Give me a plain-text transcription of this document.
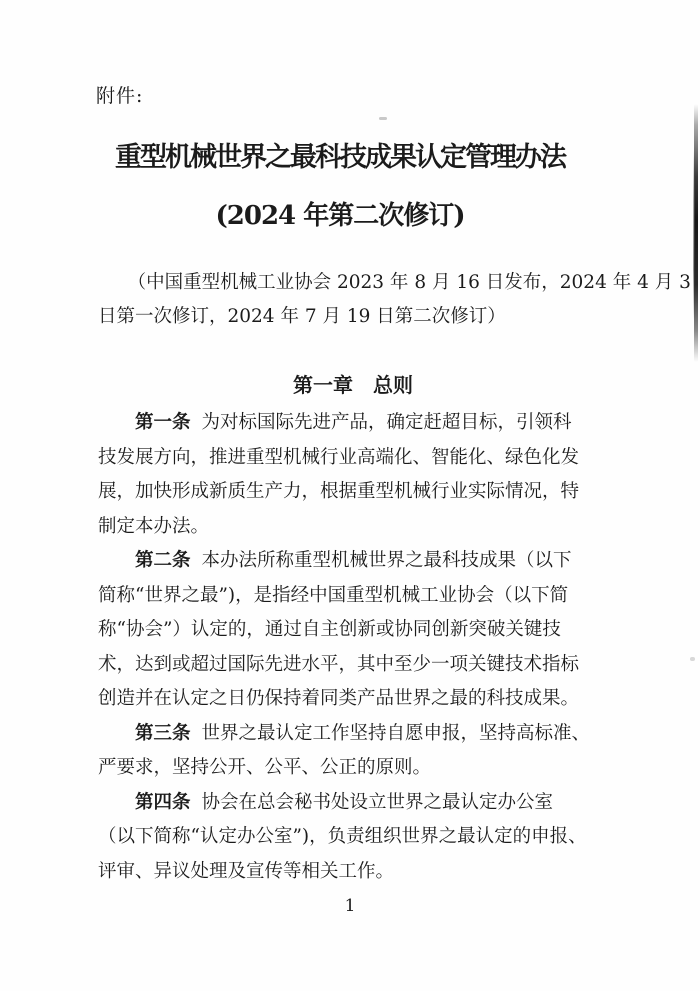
附件:
重型机械世界之最科技成果认定管理办法
(2024 年第二次修订)
（中国重型机械工业协会 2023 年 8 月 16 日发布，2024 年 4 月 3
日第一次修订，2024 年 7 月 19 日第二次修订）
第一章　总则
第一条 为对标国际先进产品，确定赶超目标，引领科
技发展方向，推进重型机械行业高端化、智能化、绿色化发
展，加快形成新质生产力，根据重型机械行业实际情况，特
制定本办法。
第二条 本办法所称重型机械世界之最科技成果（以下
简称“世界之最”)，是指经中国重型机械工业协会（以下简
称“协会”）认定的，通过自主创新或协同创新突破关键技
术，达到或超过国际先进水平，其中至少一项关键技术指标
创造并在认定之日仍保持着同类产品世界之最的科技成果。
第三条 世界之最认定工作坚持自愿申报，坚持高标准、
严要求，坚持公开、公平、公正的原则。
第四条 协会在总会秘书处设立世界之最认定办公室
（以下简称“认定办公室”)，负责组织世界之最认定的申报、
评审、异议处理及宣传等相关工作。
1
